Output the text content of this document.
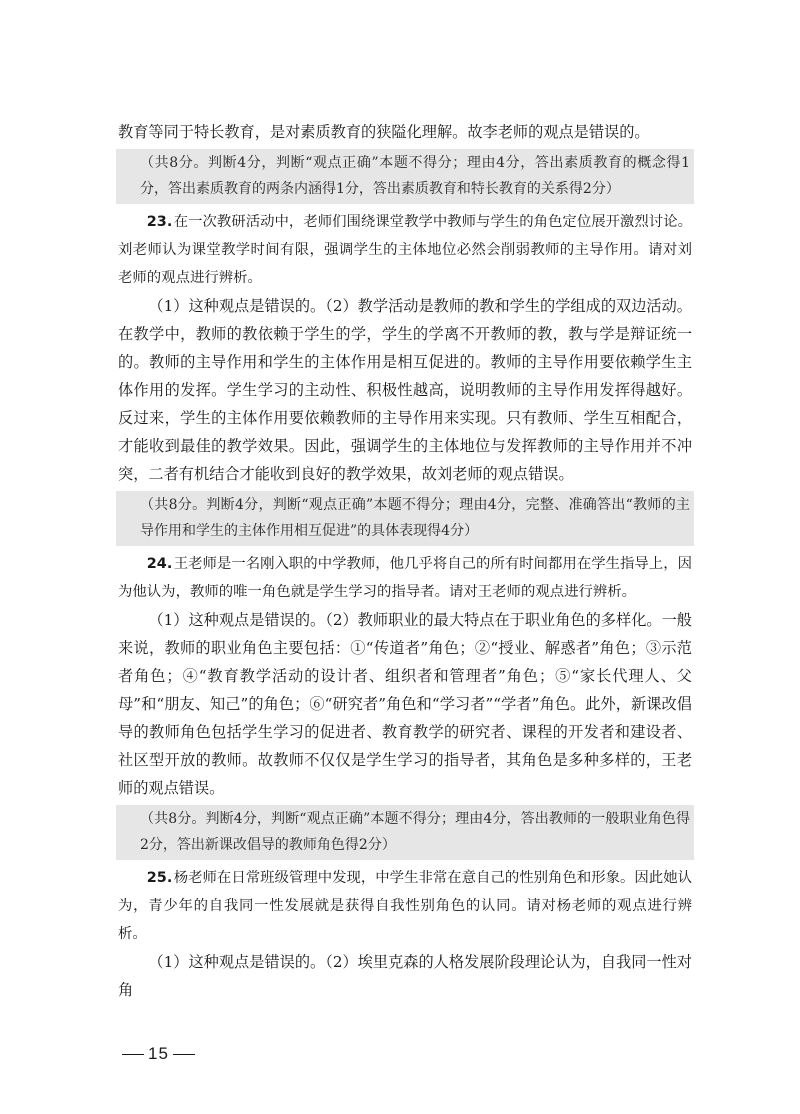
教育等同于特长教育，是对素质教育的狭隘化理解。故李老师的观点是错误的。

（共8分。判断4分，判断“观点正确”本题不得分；理由4分，答出素质教育的概念得1分，答出素质教育的两条内涵得1分，答出素质教育和特长教育的关系得2分）

23. 在一次教研活动中，老师们围绕课堂教学中教师与学生的角色定位展开激烈讨论。刘老师认为课堂教学时间有限，强调学生的主体地位必然会削弱教师的主导作用。请对刘老师的观点进行辨析。

（1）这种观点是错误的。（2）教学活动是教师的教和学生的学组成的双边活动。在教学中，教师的教依赖于学生的学，学生的学离不开教师的教，教与学是辩证统一的。教师的主导作用和学生的主体作用是相互促进的。教师的主导作用要依赖学生主体作用的发挥。学生学习的主动性、积极性越高，说明教师的主导作用发挥得越好。反过来，学生的主体作用要依赖教师的主导作用来实现。只有教师、学生互相配合，才能收到最佳的教学效果。因此，强调学生的主体地位与发挥教师的主导作用并不冲突，二者有机结合才能收到良好的教学效果，故刘老师的观点错误。

（共8分。判断4分，判断“观点正确”本题不得分；理由4分，完整、准确答出“教师的主导作用和学生的主体作用相互促进”的具体表现得4分）

24. 王老师是一名刚入职的中学教师，他几乎将自己的所有时间都用在学生指导上，因为他认为，教师的唯一角色就是学生学习的指导者。请对王老师的观点进行辨析。

（1）这种观点是错误的。（2）教师职业的最大特点在于职业角色的多样化。一般来说，教师的职业角色主要包括：①“传道者”角色；②“授业、解惑者”角色；③示范者角色；④“教育教学活动的设计者、组织者和管理者”角色；⑤“家长代理人、父母”和“朋友、知己”的角色；⑥“研究者”角色和“学习者”“学者”角色。此外，新课改倡导的教师角色包括学生学习的促进者、教育教学的研究者、课程的开发者和建设者、社区型开放的教师。故教师不仅仅是学生学习的指导者，其角色是多种多样的，王老师的观点错误。

（共8分。判断4分，判断“观点正确”本题不得分；理由4分，答出教师的一般职业角色得2分，答出新课改倡导的教师角色得2分）

25. 杨老师在日常班级管理中发现，中学生非常在意自己的性别角色和形象。因此她认为，青少年的自我同一性发展就是获得自我性别角色的认同。请对杨老师的观点进行辨析。

（1）这种观点是错误的。（2）埃里克森的人格发展阶段理论认为，自我同一性对角

15
